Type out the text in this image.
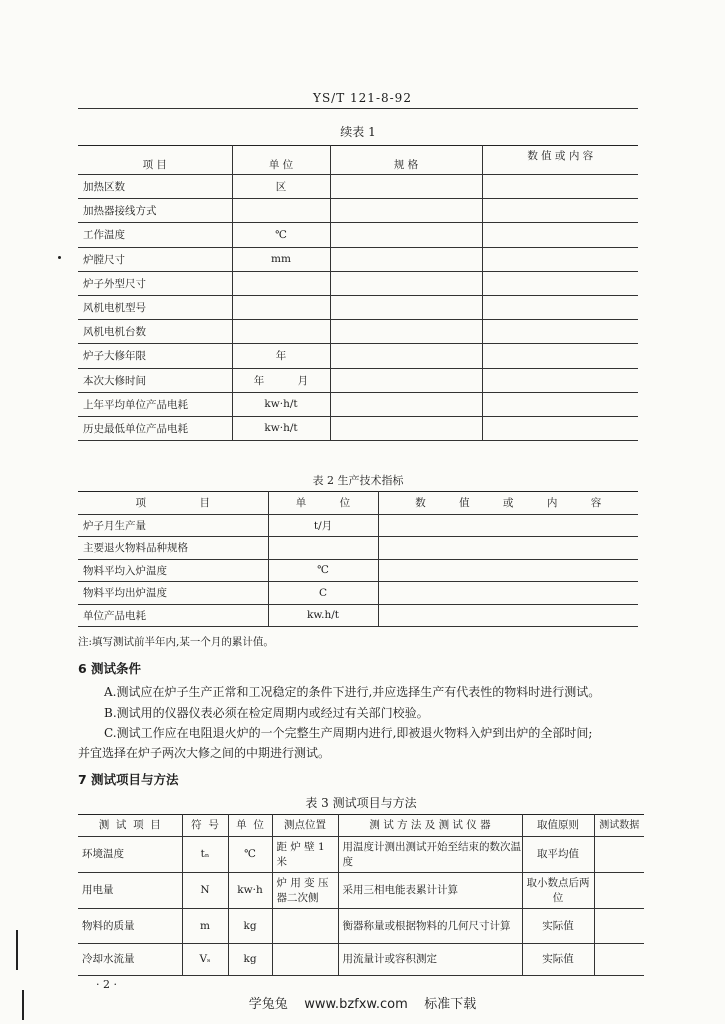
YS/T 121-8-92
续表 1
项 目	单 位	规 格	数 值 或 内 容
加热区数	区		
加热器接线方式			
工作温度	℃		
炉膛尺寸	mm		
炉子外型尺寸			
风机电机型号			
风机电机台数			
炉子大修年限	年		
本次大修时间	年          月		
上年平均单位产品电耗	kw·h/t		
历史最低单位产品电耗	kw·h/t		
表 2 生产技术指标
项                目	单          位	数          值          或          内          容
炉子月生产量	t/月	
主要退火物料品种规格		
物料平均入炉温度	℃	
物料平均出炉温度	C	
单位产品电耗	kw.h/t	
注:填写测试前半年内,某一个月的累计值。
6 测试条件
A.测试应在炉子生产正常和工况稳定的条件下进行,并应选择生产有代表性的物料时进行测试。
B.测试用的仪器仪表必须在检定周期内或经过有关部门校验。
C.测试工作应在电阻退火炉的一个完整生产周期内进行,即被退火物料入炉到出炉的全部时间;
并宜选择在炉子两次大修之间的中期进行测试。
7 测试项目与方法
表 3 测试项目与方法
测  试  项  目	符  号	单  位	测点位置	测 试 方 法 及 测 试 仪 器	取值原则	测试数据
环境温度	tₙ	℃	距 炉 壁 1 米	用温度计测出测试开始至结束的数次温度	取平均值	
用电量	N	kw·h	炉 用 变 压 器二次侧	采用三相电能表累计计算	取小数点后两位	
物料的质量	m	kg		衡器称量或根据物料的几何尺寸计算	实际值	
冷却水流量	Vₛ	kg		用流量计或容积测定	实际值	
· 2 ·
学兔兔    www.bzfxw.com    标准下载
